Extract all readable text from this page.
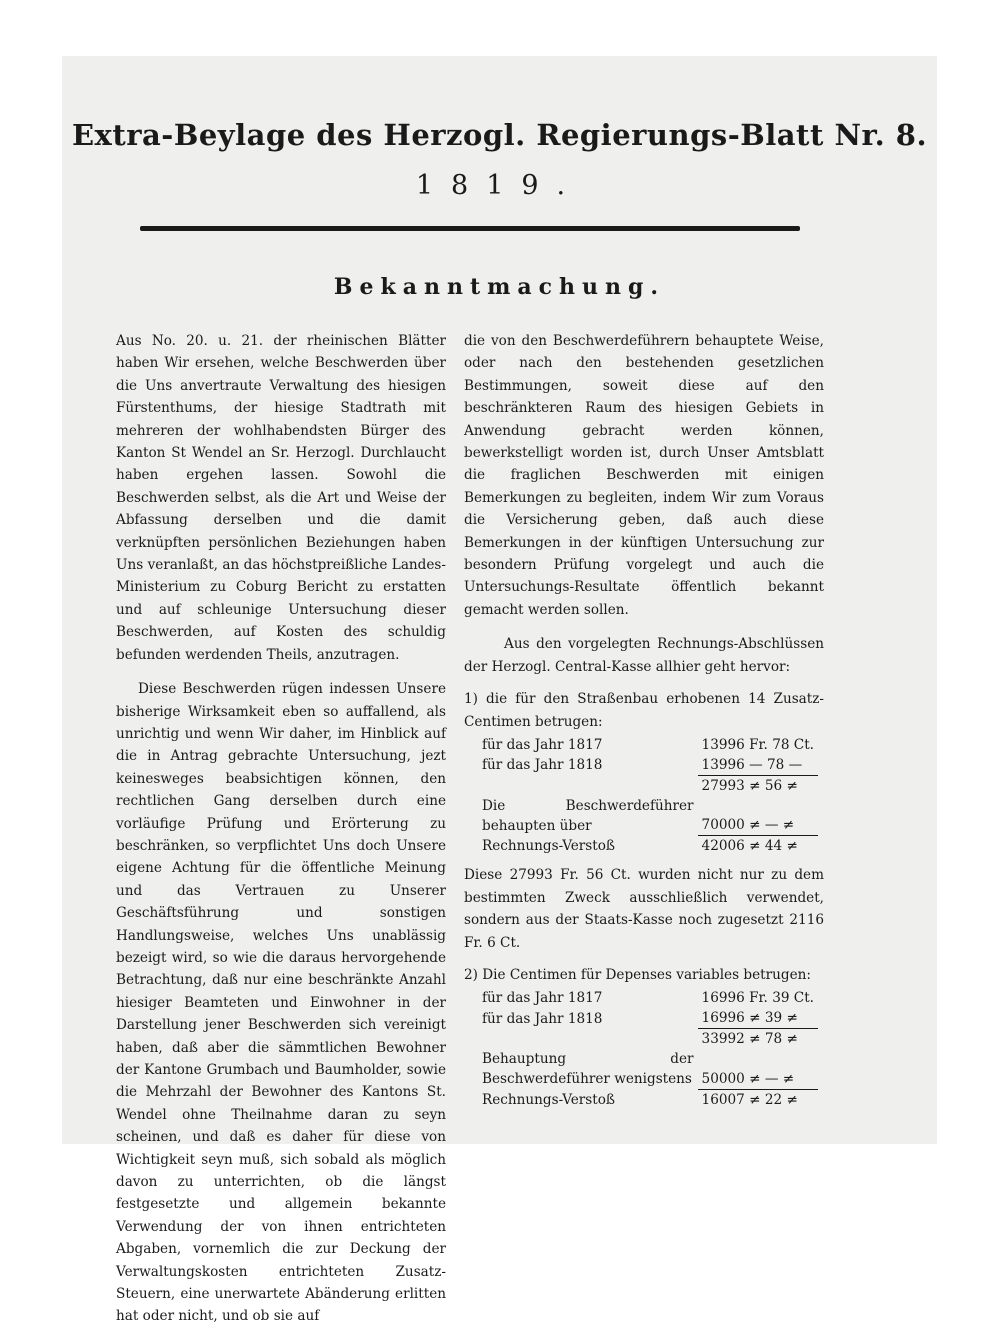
Extra-Beylage des Herzogl. Regierungs-Blatt Nr. 8.
1819.
Bekanntmachung.

Aus No. 20. u. 21. der rheinischen Blätter haben Wir ersehen, welche Beschwerden über die Uns anvertraute Verwaltung des hiesigen Fürstenthums, der hiesige Stadtrath mit mehreren der wohlhabendsten Bürger des Kanton St Wendel an Sr. Herzogl. Durchlaucht haben ergehen lassen. Sowohl die Beschwerden selbst, als die Art und Weise der Abfassung derselben und die damit verknüpften persönlichen Beziehungen haben Uns veranlaßt, an das höchstpreißliche Landes-Ministerium zu Coburg Bericht zu erstatten und auf schleunige Untersuchung dieser Beschwerden, auf Kosten des schuldig befunden werdenden Theils, anzutragen.

Diese Beschwerden rügen indessen Unsere bisherige Wirksamkeit eben so auffallend, als unrichtig und wenn Wir daher, im Hinblick auf die in Antrag gebrachte Untersuchung, jezt keinesweges beabsichtigen können, den rechtlichen Gang derselben durch eine vorläufige Prüfung und Erörterung zu beschränken, so verpflichtet Uns doch Unsere eigene Achtung für die öffentliche Meinung und das Vertrauen zu Unserer Geschäftsführung und sonstigen Handlungsweise, welches Uns unablässig bezeigt wird, so wie die daraus hervorgehende Betrachtung, daß nur eine beschränkte Anzahl hiesiger Beamteten und Einwohner in der Darstellung jener Beschwerden sich vereinigt haben, daß aber die sämmtlichen Bewohner der Kantone Grumbach und Baumholder, sowie die Mehrzahl der Bewohner des Kantons St. Wendel ohne Theilnahme daran zu seyn scheinen, und daß es daher für diese von Wichtigkeit seyn muß, sich sobald als möglich davon zu unterrichten, ob die längst festgesetzte und allgemein bekannte Verwendung der von ihnen entrichteten Abgaben, vornemlich die zur Deckung der Verwaltungskosten entrichteten Zusatz-Steuern, eine unerwartete Abänderung erlitten hat oder nicht, und ob sie auf

die von den Beschwerdeführern behauptete Weise, oder nach den bestehenden gesetzlichen Bestimmungen, soweit diese auf den beschränkteren Raum des hiesigen Gebiets in Anwendung gebracht werden können, bewerkstelligt worden ist, durch Unser Amtsblatt die fraglichen Beschwerden mit einigen Bemerkungen zu begleiten, indem Wir zum Voraus die Versicherung geben, daß auch diese Bemerkungen in der künftigen Untersuchung zur besondern Prüfung vorgelegt und auch die Untersuchungs-Resultate öffentlich bekannt gemacht werden sollen.

Aus den vorgelegten Rechnungs-Abschlüssen der Herzogl. Central-Kasse allhier geht hervor:

1) die für den Straßenbau erhobenen 14 Zusatz-Centimen betrugen:

für das Jahr 1817	13996 Fr. 78 Ct.
für das Jahr 1818	13996 — 78 —
	27993 ≠ 56 ≠
Die Beschwerdeführer behaupten über	70000 ≠ — ≠
Rechnungs-Verstoß	42006 ≠ 44 ≠

Diese 27993 Fr. 56 Ct. wurden nicht nur zu dem bestimmten Zweck ausschließlich verwendet, sondern aus der Staats-Kasse noch zugesetzt 2116 Fr. 6 Ct.

2) Die Centimen für Depenses variables betrugen:

für das Jahr 1817	16996 Fr. 39 Ct.
für das Jahr 1818	16996 ≠ 39 ≠
	33992 ≠ 78 ≠
Behauptung der Beschwerdeführer wenigstens	50000 ≠ — ≠
Rechnungs-Verstoß	16007 ≠ 22 ≠
